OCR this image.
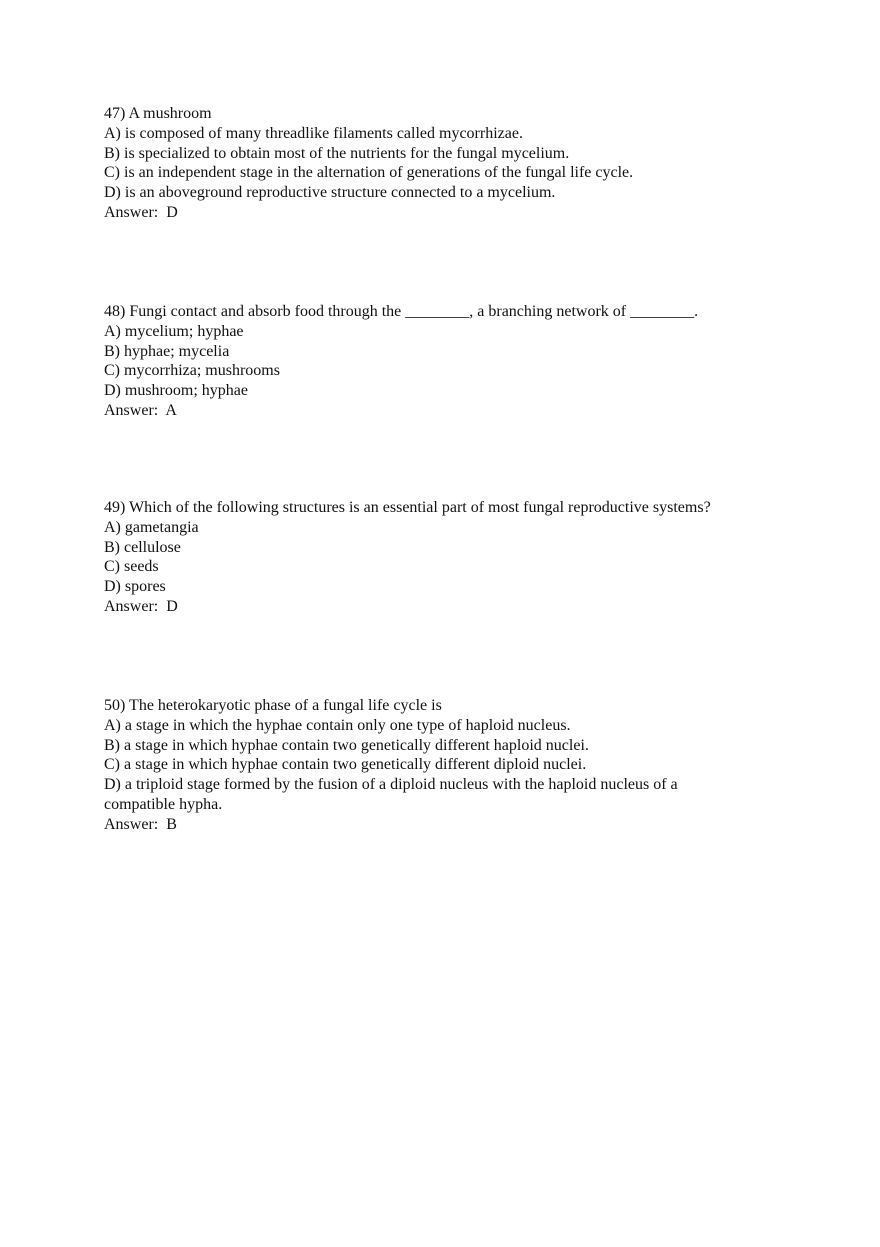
47) A mushroom
A) is composed of many threadlike filaments called mycorrhizae.
B) is specialized to obtain most of the nutrients for the fungal mycelium.
C) is an independent stage in the alternation of generations of the fungal life cycle.
D) is an aboveground reproductive structure connected to a mycelium.
Answer:  D
48) Fungi contact and absorb food through the ________, a branching network of ________.
A) mycelium; hyphae
B) hyphae; mycelia
C) mycorrhiza; mushrooms
D) mushroom; hyphae
Answer:  A
49) Which of the following structures is an essential part of most fungal reproductive systems?
A) gametangia
B) cellulose
C) seeds
D) spores
Answer:  D
50) The heterokaryotic phase of a fungal life cycle is
A) a stage in which the hyphae contain only one type of haploid nucleus.
B) a stage in which hyphae contain two genetically different haploid nuclei.
C) a stage in which hyphae contain two genetically different diploid nuclei.
D) a triploid stage formed by the fusion of a diploid nucleus with the haploid nucleus of a compatible hypha.
Answer:  B
